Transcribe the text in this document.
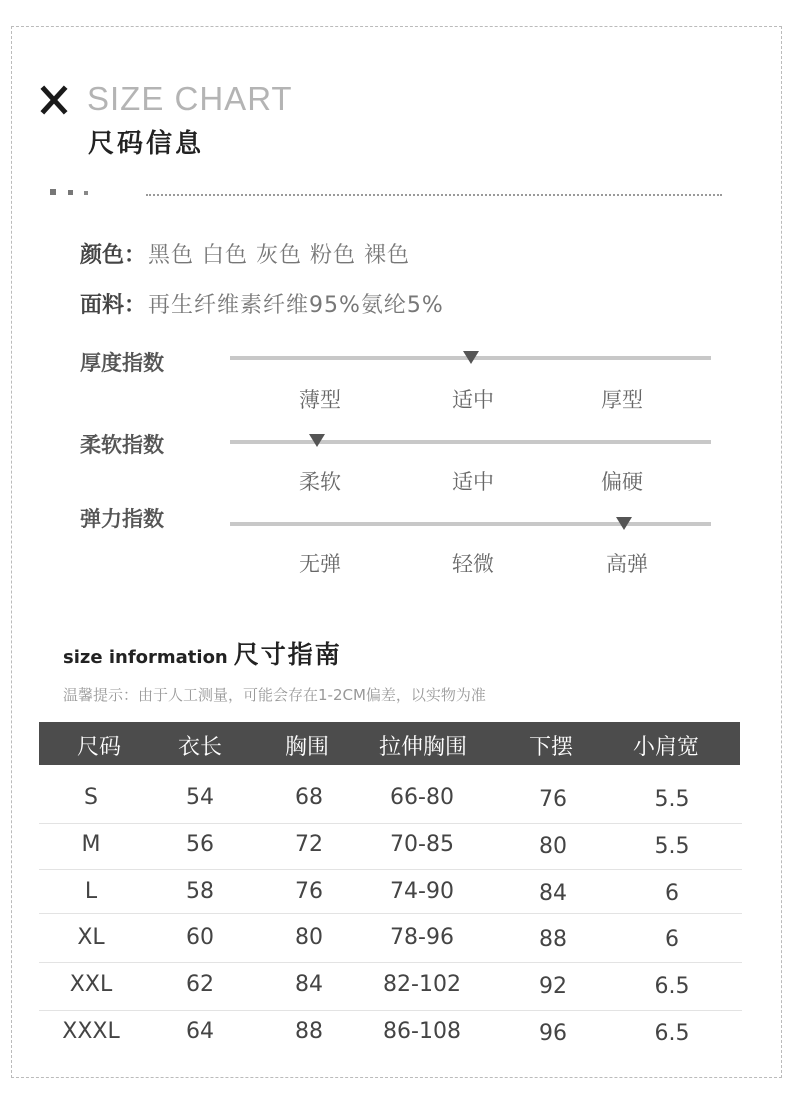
SIZE CHART
尺码信息
颜色：黑色 白色 灰色 粉色 裸色
面料：再生纤维素纤维95%氨纶5%
厚度指数
薄型	适中	厚型
柔软指数
柔软	适中	偏硬
弹力指数
无弹	轻微	高弹
size information 尺寸指南
温馨提示：由于人工测量，可能会存在1-2CM偏差，以实物为准
尺码	衣长	胸围	拉伸胸围	下摆	小肩宽
S	54	68	66-80	76	5.5
M	56	72	70-85	80	5.5
L	58	76	74-90	84	6
XL	60	80	78-96	88	6
XXL	62	84	82-102	92	6.5
XXXL	64	88	86-108	96	6.5
